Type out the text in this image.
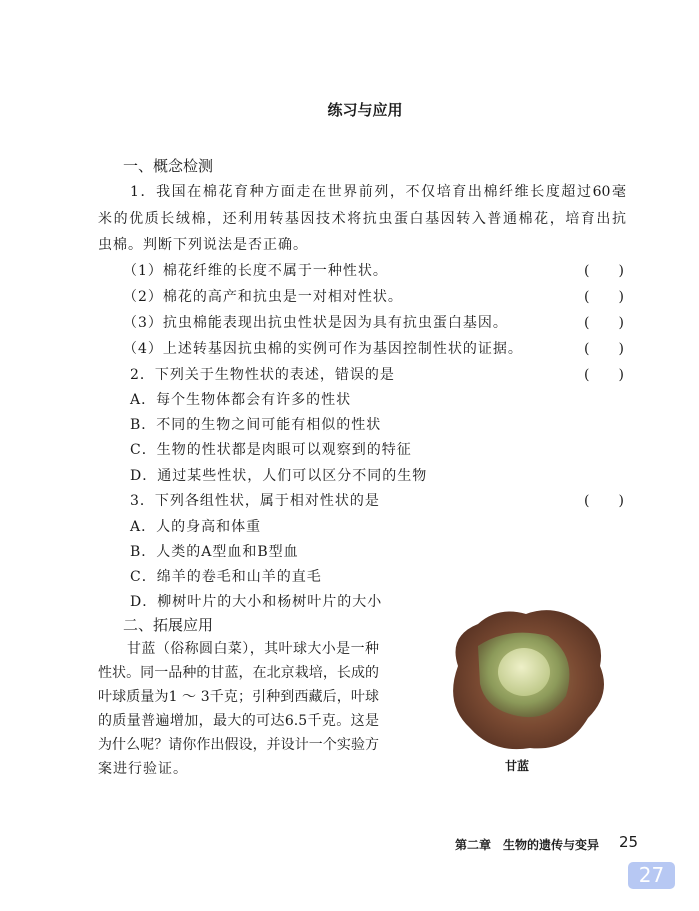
练习与应用
一、概念检测
1．我国在棉花育种方面走在世界前列，不仅培育出棉纤维长度超过60毫
米的优质长绒棉，还利用转基因技术将抗虫蛋白基因转入普通棉花，培育出抗
虫棉。判断下列说法是否正确。
（1）棉花纤维的长度不属于一种性状。	( )
（2）棉花的高产和抗虫是一对相对性状。	( )
（3）抗虫棉能表现出抗虫性状是因为具有抗虫蛋白基因。	( )
（4）上述转基因抗虫棉的实例可作为基因控制性状的证据。	( )
2．下列关于生物性状的表述，错误的是	( )
A．每个生物体都会有许多的性状
B．不同的生物之间可能有相似的性状
C．生物的性状都是肉眼可以观察到的特征
D．通过某些性状，人们可以区分不同的生物
3．下列各组性状，属于相对性状的是	( )
A．人的身高和体重
B．人类的A型血和B型血
C．绵羊的卷毛和山羊的直毛
D．柳树叶片的大小和杨树叶片的大小
二、拓展应用
甘蓝（俗称圆白菜），其叶球大小是一种
性状。同一品种的甘蓝，在北京栽培，长成的
叶球质量为1 ～ 3千克；引种到西藏后，叶球
的质量普遍增加，最大的可达6.5千克。这是
为什么呢？请你作出假设，并设计一个实验方
案进行验证。	甘蓝
第二章　生物的遗传与变异 25
27
